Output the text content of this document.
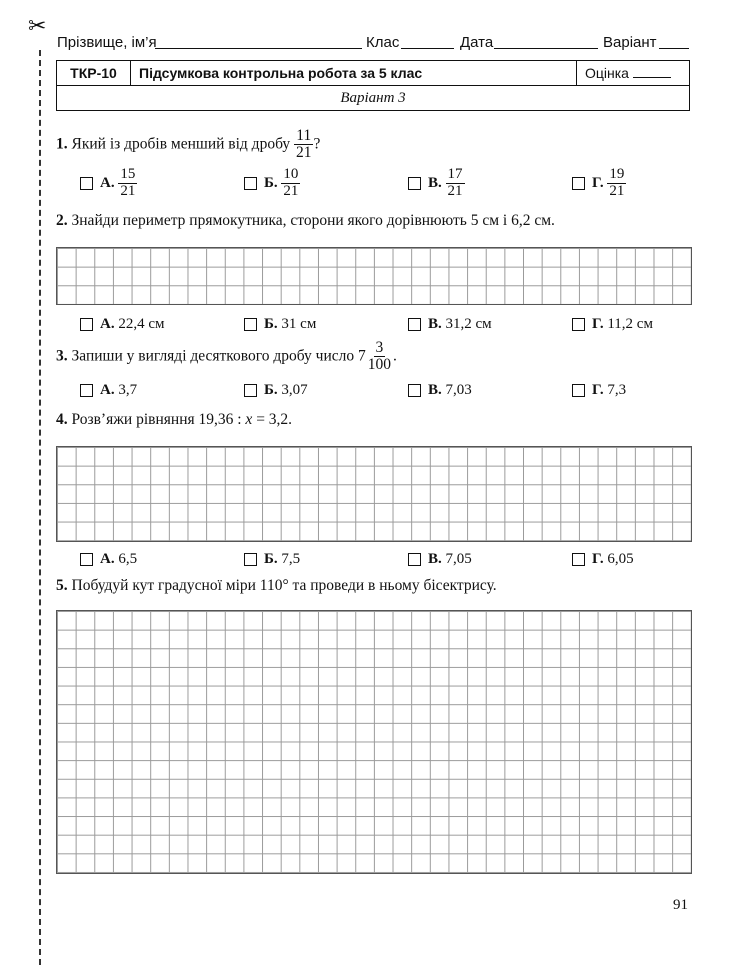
✂
Прізвище, ім’я	Клас	Дата	Варіант
ТКР-10	Підсумкова контрольна робота за 5 клас	Оцінка
Варіант 3
1. Який із дробів менший від дробу $\frac{11}{21}$ ?
А.
$\frac{15}{21}$	Б.
$\frac{10}{21}$	В.
$\frac{17}{21}$	Г.
$\frac{19}{21}$
2. Знайди периметр прямокутника, сторони якого дорівнюють 5 см і 6,2 см.
А.
22,4 см	Б.
31 см	В.
31,2 см	Г.
11,2 см
3. Запиши у вигляді десяткового дробу число $7 \frac{3}{100}$ .
А.
3,7	Б.
3,07	В.
7,03	Г.
7,3
4. Розв’яжи рівняння 19,36 : x = 3,2.
А.
6,5	Б.
7,5	В.
7,05	Г.
6,05
5. Побудуй кут градусної міри 110° та проведи в ньому бісектрису.
91
